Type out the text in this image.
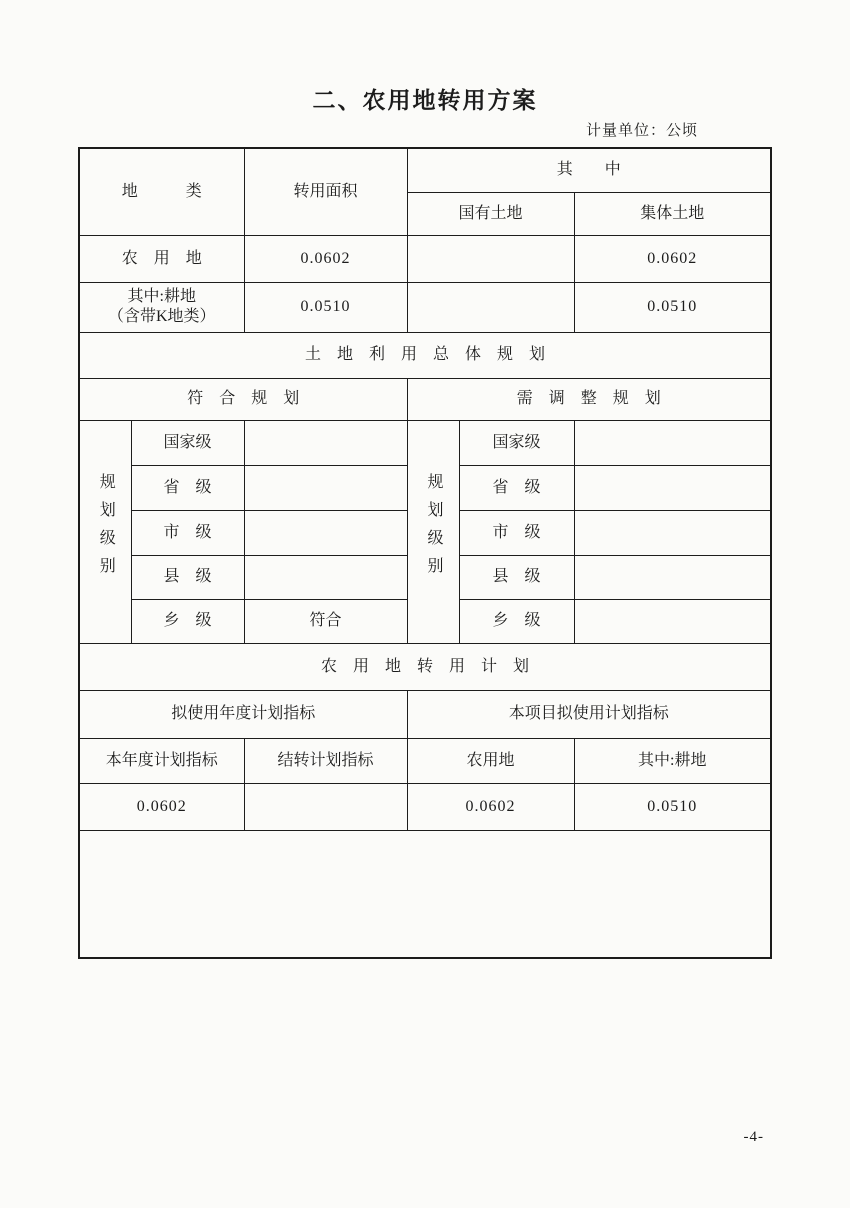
二、农用地转用方案
计量单位：公顷
地　　　类		转用面积	其　　中		
			国有土地		集体土地
农　用　地		0.0602			0.0602

其中:耕地
（含带K地类）		0.0510			0.0510
土　地　利　用　总　体　规　划					
符　合　规　划			需　调　整　规　划		
规划级别	国家级		规划级别	国家级	
	省　级			省　级	
	市　级			市　级	
	县　级			县　级	
	乡　级	符合		乡　级	
农　用　地　转　用　计　划					
拟使用年度计划指标			本项目拟使用计划指标		
本年度计划指标		结转计划指标	农用地		其中:耕地
0.0602			0.0602		0.0510

-4-
